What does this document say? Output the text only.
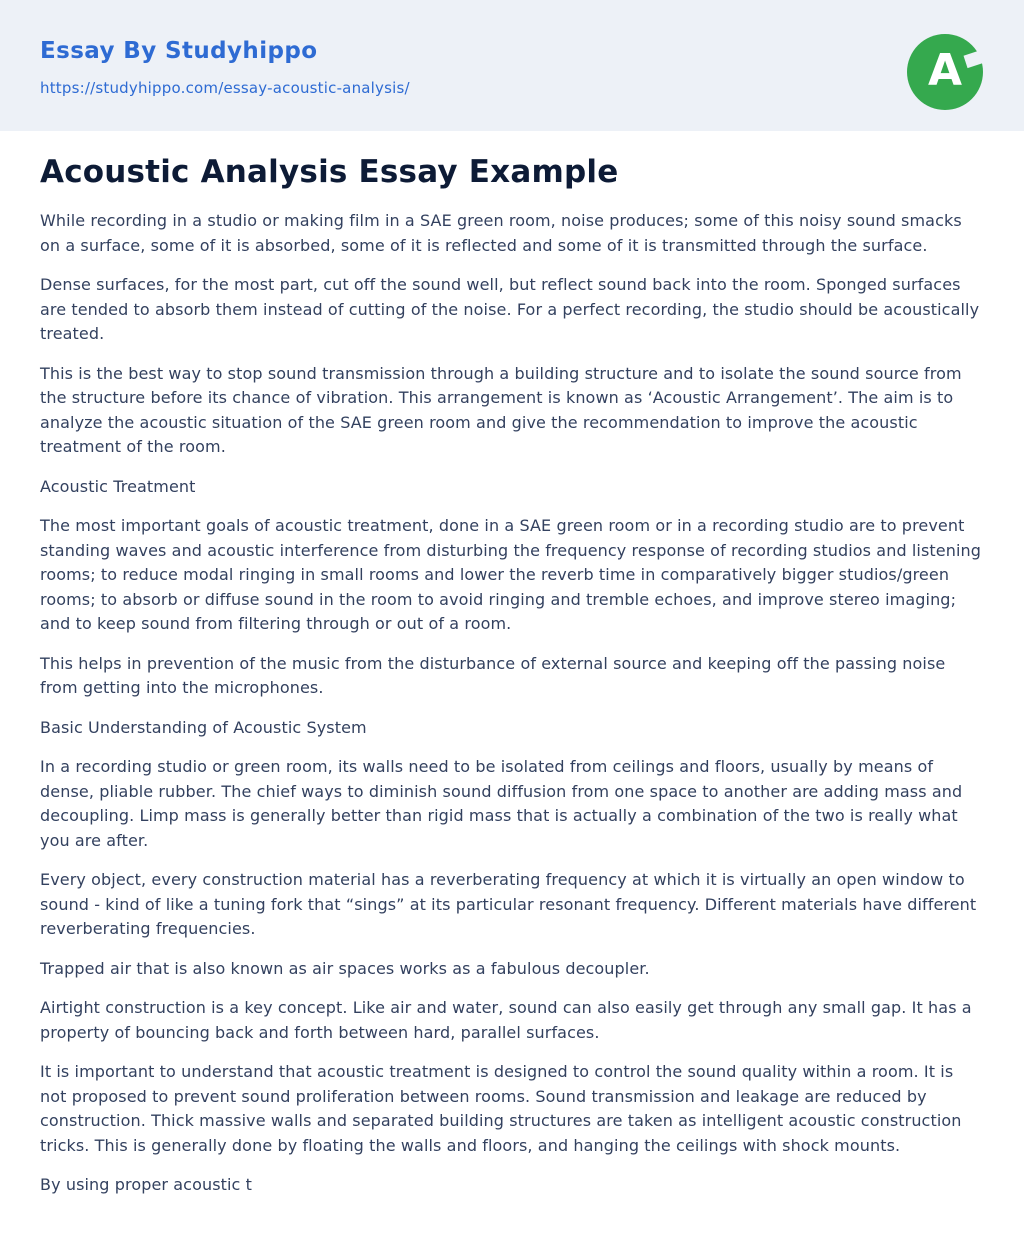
Essay By Studyhippo
https://studyhippo.com/essay-acoustic-analysis/	A
Acoustic Analysis Essay Example

While recording in a studio or making film in a SAE green room, noise produces; some of this noisy sound smacks on a surface, some of it is absorbed, some of it is reflected and some of it is transmitted through the surface.

Dense surfaces, for the most part, cut off the sound well, but reflect sound back into the room. Sponged surfaces are tended to absorb them instead of cutting of the noise. For a perfect recording, the studio should be acoustically treated.

This is the best way to stop sound transmission through a building structure and to isolate the sound source from the structure before its chance of vibration. This arrangement is known as ‘Acoustic Arrangement’. The aim is to analyze the acoustic situation of the SAE green room and give the recommendation to improve the acoustic treatment of the room.

Acoustic Treatment

The most important goals of acoustic treatment, done in a SAE green room or in a recording studio are to prevent standing waves and acoustic interference from disturbing the frequency response of recording studios and listening rooms; to reduce modal ringing in small rooms and lower the reverb time in comparatively bigger studios/green rooms; to absorb or diffuse sound in the room to avoid ringing and tremble echoes, and improve stereo imaging; and to keep sound from filtering through or out of a room.

This helps in prevention of the music from the disturbance of external source and keeping off the passing noise from getting into the microphones.

Basic Understanding of Acoustic System

In a recording studio or green room, its walls need to be isolated from ceilings and floors, usually by means of dense, pliable rubber. The chief ways to diminish sound diffusion from one space to another are adding mass and decoupling. Limp mass is generally better than rigid mass that is actually a combination of the two is really what you are after.

Every object, every construction material has a reverberating frequency at which it is virtually an open window to sound - kind of like a tuning fork that “sings” at its particular resonant frequency. Different materials have different reverberating frequencies.

Trapped air that is also known as air spaces works as a fabulous decoupler.

Airtight construction is a key concept. Like air and water, sound can also easily get through any small gap. It has a property of bouncing back and forth between hard, parallel surfaces.

It is important to understand that acoustic treatment is designed to control the sound quality within a room. It is not proposed to prevent sound proliferation between rooms. Sound transmission and leakage are reduced by construction. Thick massive walls and separated building structures are taken as intelligent acoustic construction tricks. This is generally done by floating the walls and floors, and hanging the ceilings with shock mounts.

By using proper acoustic t
